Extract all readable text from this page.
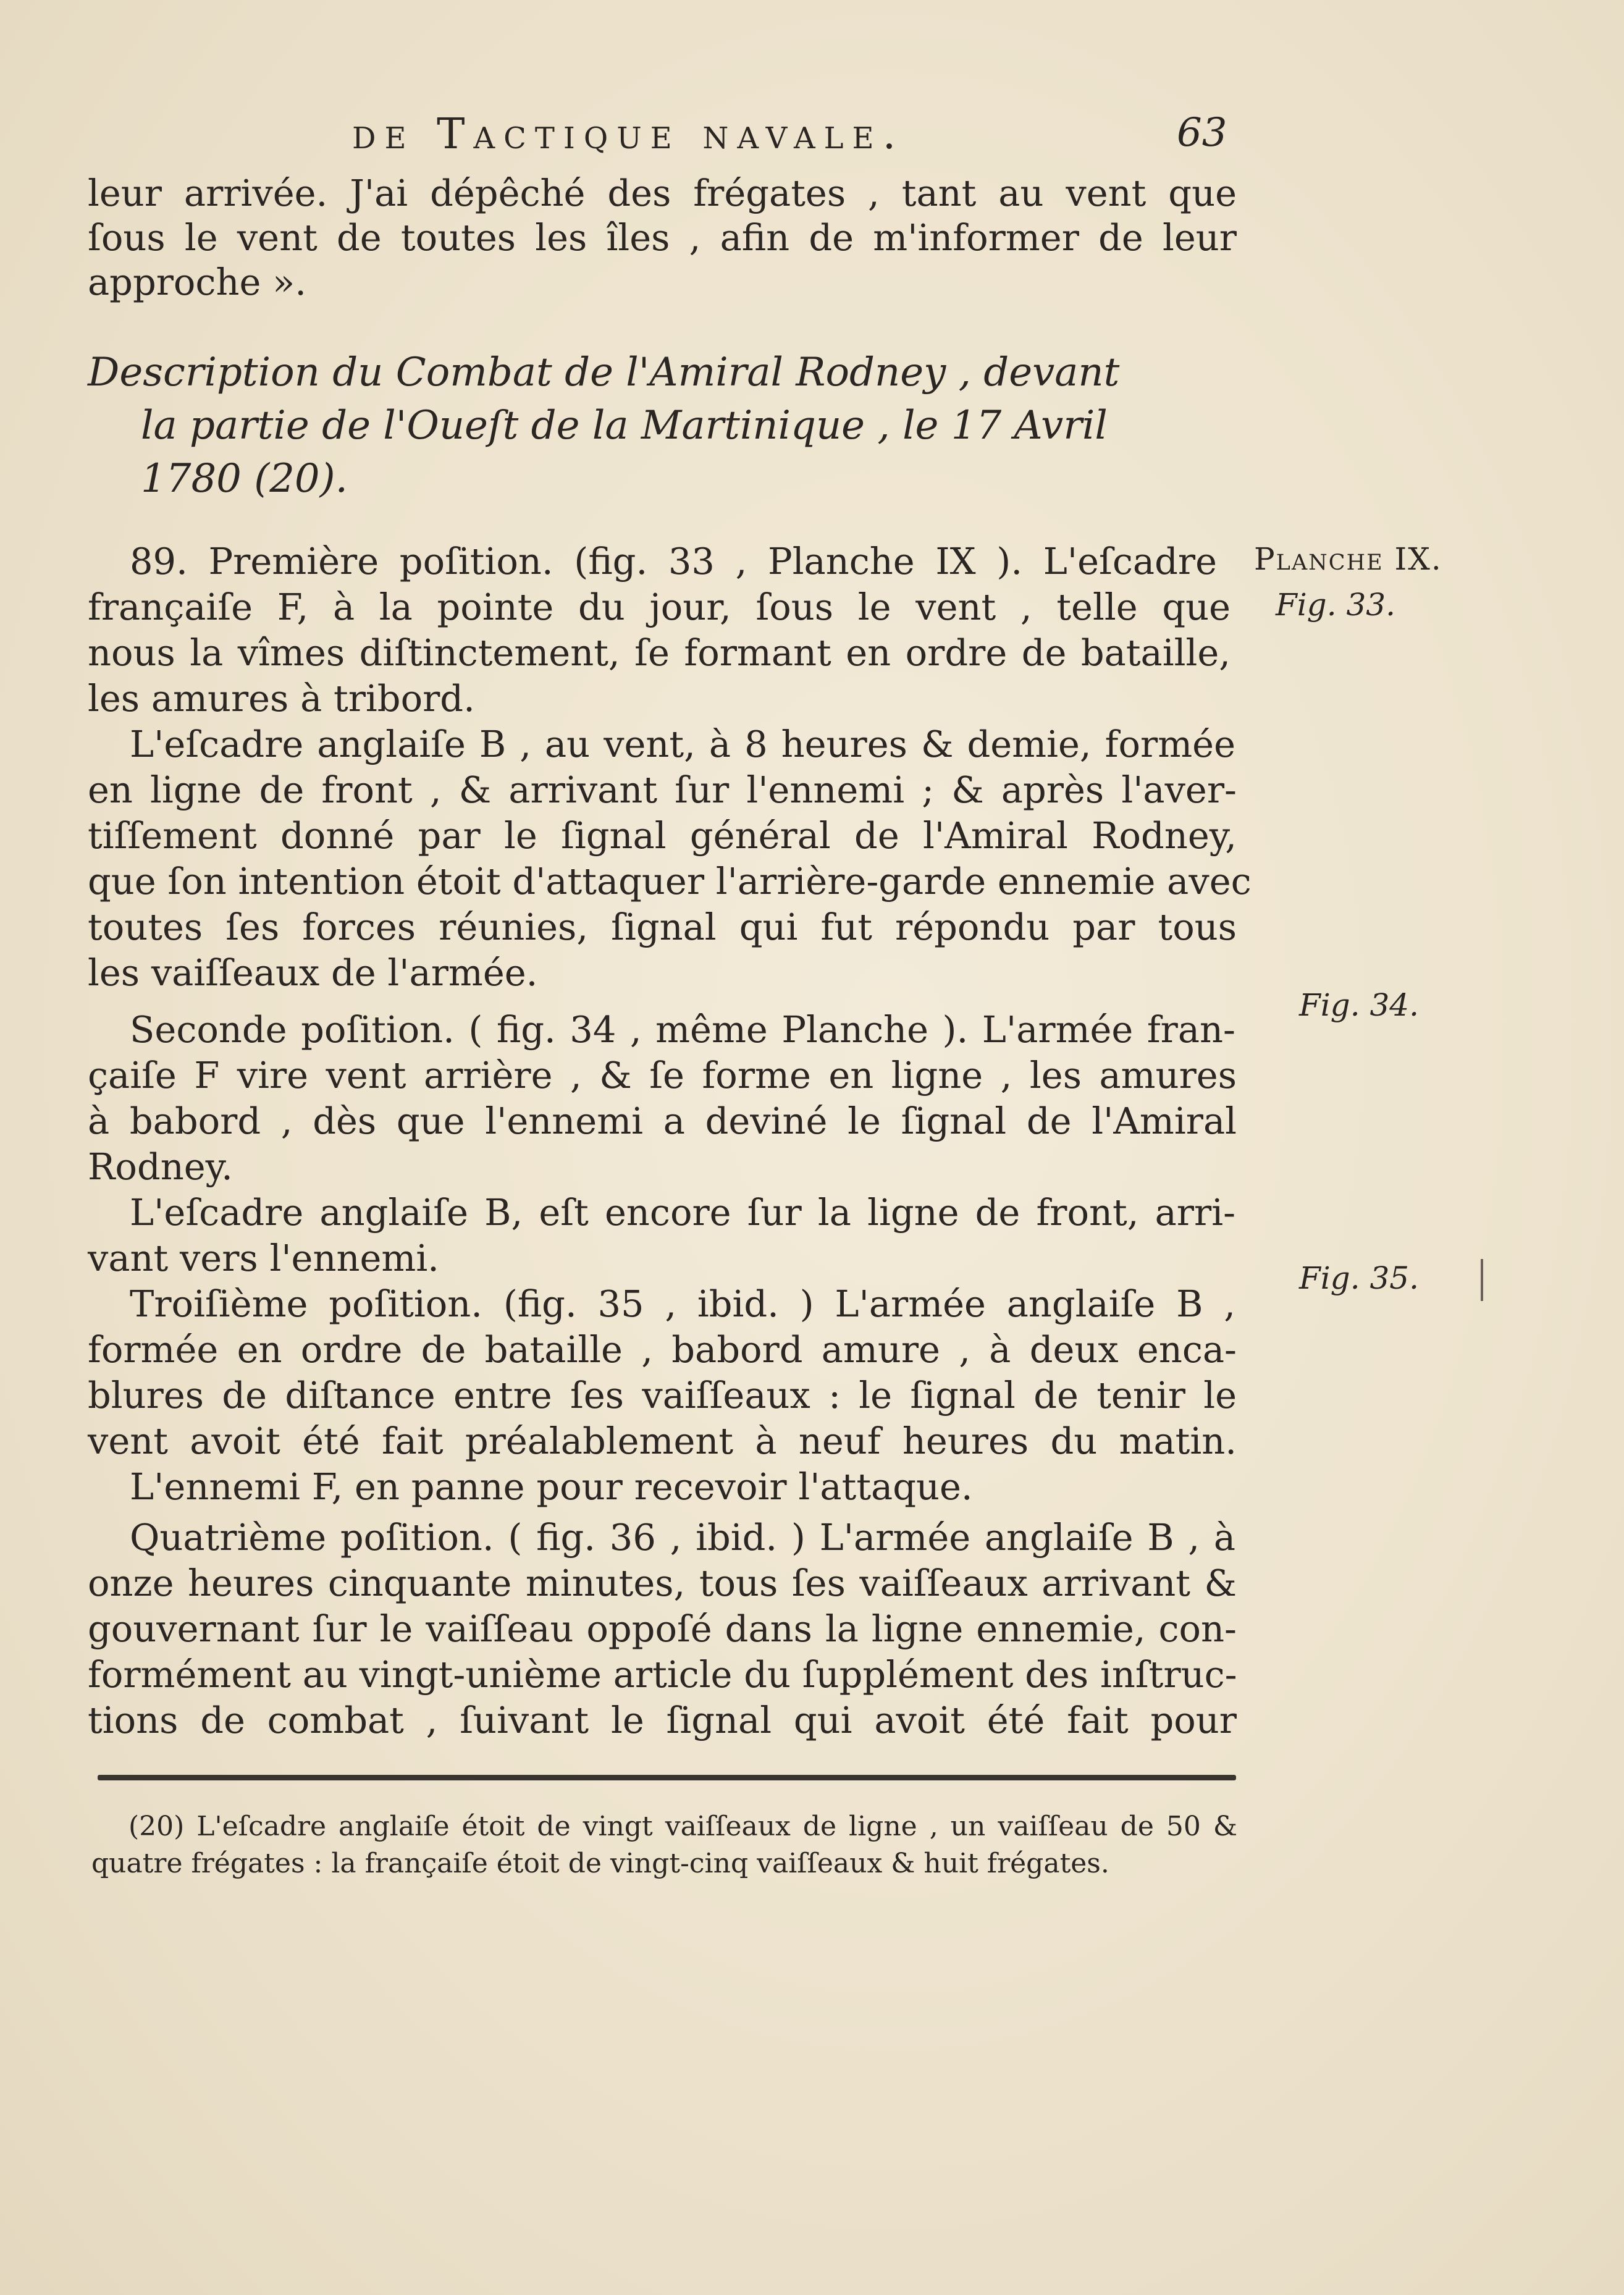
de Tactique navale.	63
leur arrivée. J'ai dépêché des frégates , tant au vent que
ſous le vent de toutes les îles , afin de m'informer de leur
approche ».
Description du Combat de l'Amiral Rodney , devant
la partie de l'Oueſt de la Martinique , le 17 Avril
1780 (20).
89. Première poſition. (fig. 33 , Planche IX ). L'eſcadre
françaiſe F, à la pointe du jour, ſous le vent , telle que
nous la vîmes diſtinctement, ſe formant en ordre de bataille,
les amures à tribord.
L'eſcadre anglaiſe B , au vent, à 8 heures & demie, formée
en ligne de front , & arrivant ſur l'ennemi ; & après l'aver-
tiſſement donné par le ſignal général de l'Amiral Rodney,
que ſon intention étoit d'attaquer l'arrière-garde ennemie avec
toutes ſes forces réunies, ſignal qui fut répondu par tous
les vaiſſeaux de l'armée.
Seconde poſition. ( fig. 34 , même Planche ). L'armée fran-
çaiſe F vire vent arrière , & ſe forme en ligne , les amures
à babord , dès que l'ennemi a deviné le ſignal de l'Amiral
Rodney.
L'eſcadre anglaiſe B, eſt encore ſur la ligne de front, arri-
vant vers l'ennemi.
Troiſième poſition. (fig. 35 , ibid. ) L'armée anglaiſe B ,
formée en ordre de bataille , babord amure , à deux enca-
blures de diſtance entre ſes vaiſſeaux : le ſignal de tenir le
vent avoit été fait préalablement à neuf heures du matin.
L'ennemi F, en panne pour recevoir l'attaque.
Quatrième poſition. ( fig. 36 , ibid. ) L'armée anglaiſe B , à
onze heures cinquante minutes, tous ſes vaiſſeaux arrivant &
gouvernant ſur le vaiſſeau oppoſé dans la ligne ennemie, con-
formément au vingt-unième article du ſupplément des inſtruc-
tions de combat , ſuivant le ſignal qui avoit été fait pour
Planche IX.
Fig. 33.
Fig. 34.
Fig. 35.
(20) L'eſcadre anglaiſe étoit de vingt vaiſſeaux de ligne , un vaiſſeau de 50 &
quatre frégates : la françaiſe étoit de vingt-cinq vaiſſeaux & huit frégates.
